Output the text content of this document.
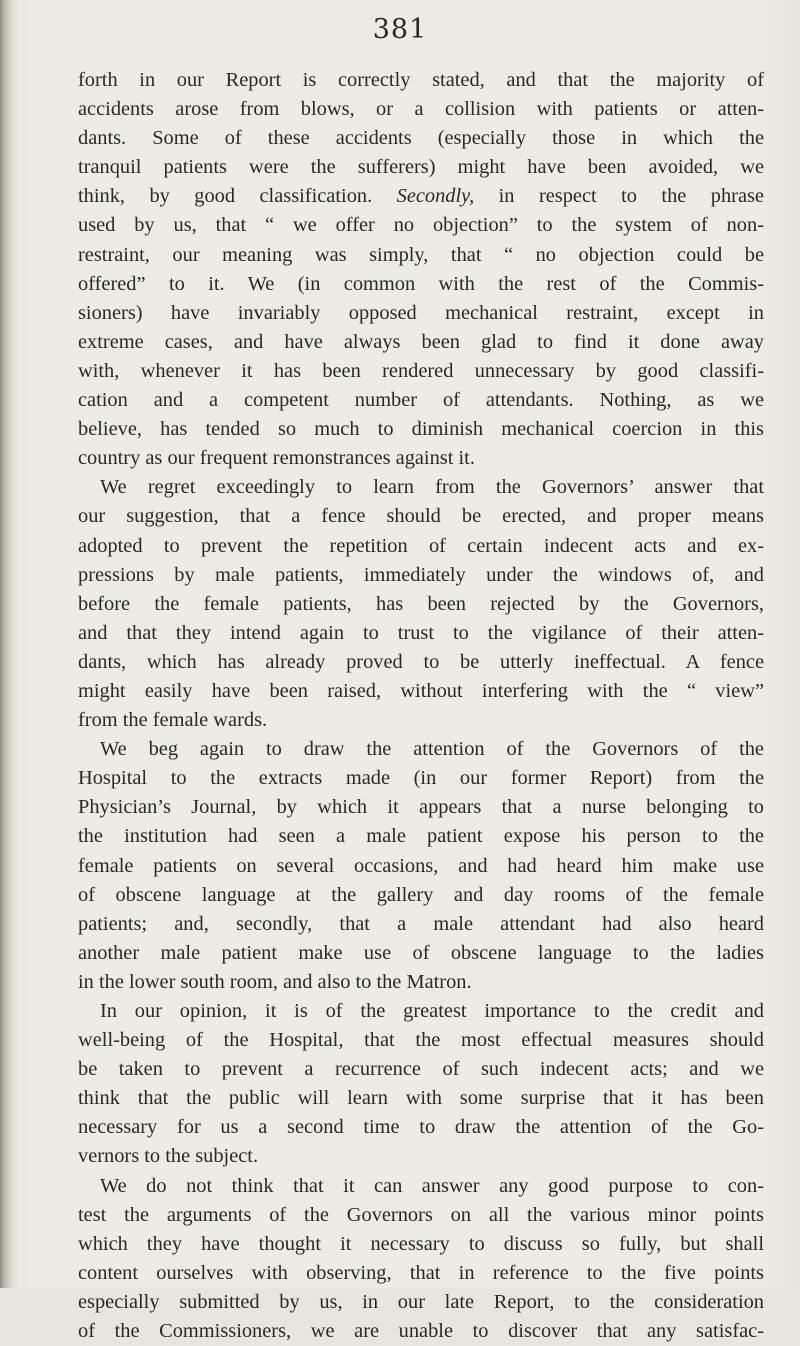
381
forth in our Report is correctly stated, and that the majority of
accidents arose from blows, or a collision with patients or atten-
dants. Some of these accidents (especially those in which the
tranquil patients were the sufferers) might have been avoided, we
think, by good classification. Secondly, in respect to the phrase
used by us, that “ we offer no objection” to the system of non-
restraint, our meaning was simply, that “ no objection could be
offered” to it. We (in common with the rest of the Commis-
sioners) have invariably opposed mechanical restraint, except in
extreme cases, and have always been glad to find it done away
with, whenever it has been rendered unnecessary by good classifi-
cation and a competent number of attendants. Nothing, as we
believe, has tended so much to diminish mechanical coercion in this
country as our frequent remonstrances against it.
We regret exceedingly to learn from the Governors’ answer that
our suggestion, that a fence should be erected, and proper means
adopted to prevent the repetition of certain indecent acts and ex-
pressions by male patients, immediately under the windows of, and
before the female patients, has been rejected by the Governors,
and that they intend again to trust to the vigilance of their atten-
dants, which has already proved to be utterly ineffectual. A fence
might easily have been raised, without interfering with the “ view”
from the female wards.
We beg again to draw the attention of the Governors of the
Hospital to the extracts made (in our former Report) from the
Physician’s Journal, by which it appears that a nurse belonging to
the institution had seen a male patient expose his person to the
female patients on several occasions, and had heard him make use
of obscene language at the gallery and day rooms of the female
patients; and, secondly, that a male attendant had also heard
another male patient make use of obscene language to the ladies
in the lower south room, and also to the Matron.
In our opinion, it is of the greatest importance to the credit and
well-being of the Hospital, that the most effectual measures should
be taken to prevent a recurrence of such indecent acts; and we
think that the public will learn with some surprise that it has been
necessary for us a second time to draw the attention of the Go-
vernors to the subject.
We do not think that it can answer any good purpose to con-
test the arguments of the Governors on all the various minor points
which they have thought it necessary to discuss so fully, but shall
content ourselves with observing, that in reference to the five points
especially submitted by us, in our late Report, to the consideration
of the Commissioners, we are unable to discover that any satisfac-
